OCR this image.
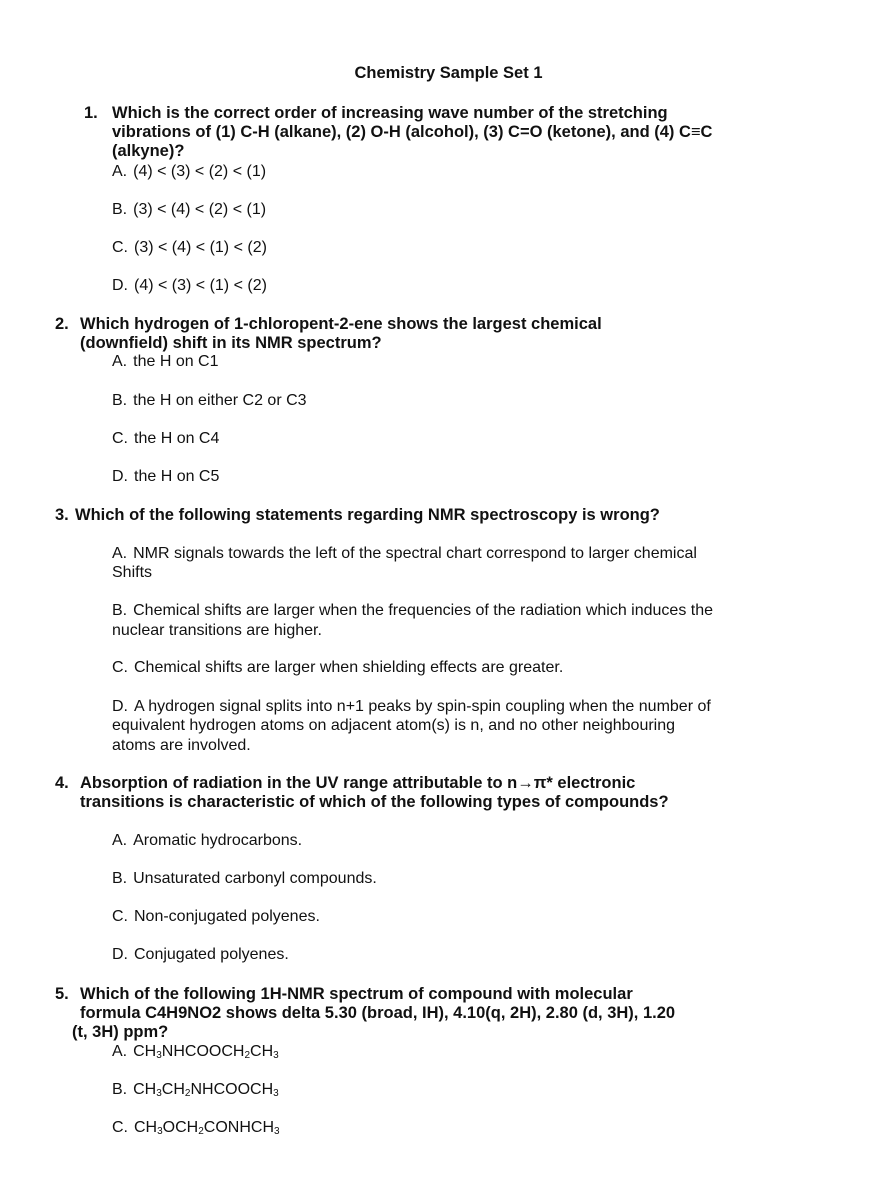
Chemistry Sample Set 1
1. Which is the correct order of increasing wave number of the stretching
vibrations of (1) C-H (alkane), (2) O-H (alcohol), (3) C=O (ketone), and (4) C≡C
(alkyne)?
A. (4) < (3) < (2) < (1)
B. (3) < (4) < (2) < (1)
C. (3) < (4) < (1) < (2)
D. (4) < (3) < (1) < (2)
2. Which hydrogen of 1-chloropent-2-ene shows the largest chemical
(downfield) shift in its NMR spectrum?
A. the H on C1
B. the H on either C2 or C3
C. the H on C4
D. the H on C5
3. Which of the following statements regarding NMR spectroscopy is wrong?
A. NMR signals towards the left of the spectral chart correspond to larger chemical
Shifts
B. Chemical shifts are larger when the frequencies of the radiation which induces the
nuclear transitions are higher.
C. Chemical shifts are larger when shielding effects are greater.
D. A hydrogen signal splits into n+1 peaks by spin-spin coupling when the number of
equivalent hydrogen atoms on adjacent atom(s) is n, and no other neighbouring
atoms are involved.
4. Absorption of radiation in the UV range attributable to n→π* electronic
transitions is characteristic of which of the following types of compounds?
A. Aromatic hydrocarbons.
B. Unsaturated carbonyl compounds.
C. Non-conjugated polyenes.
D. Conjugated polyenes.
5. Which of the following 1H-NMR spectrum of compound with molecular
formula C4H9NO2 shows delta 5.30 (broad, IH), 4.10(q, 2H), 2.80 (d, 3H), 1.20
(t, 3H) ppm?
A. $CH_3NHCOOCH_2CH_3$
B. $CH_3CH_2NHCOOCH_3$
C. $CH_3OCH_2CONHCH_3$
